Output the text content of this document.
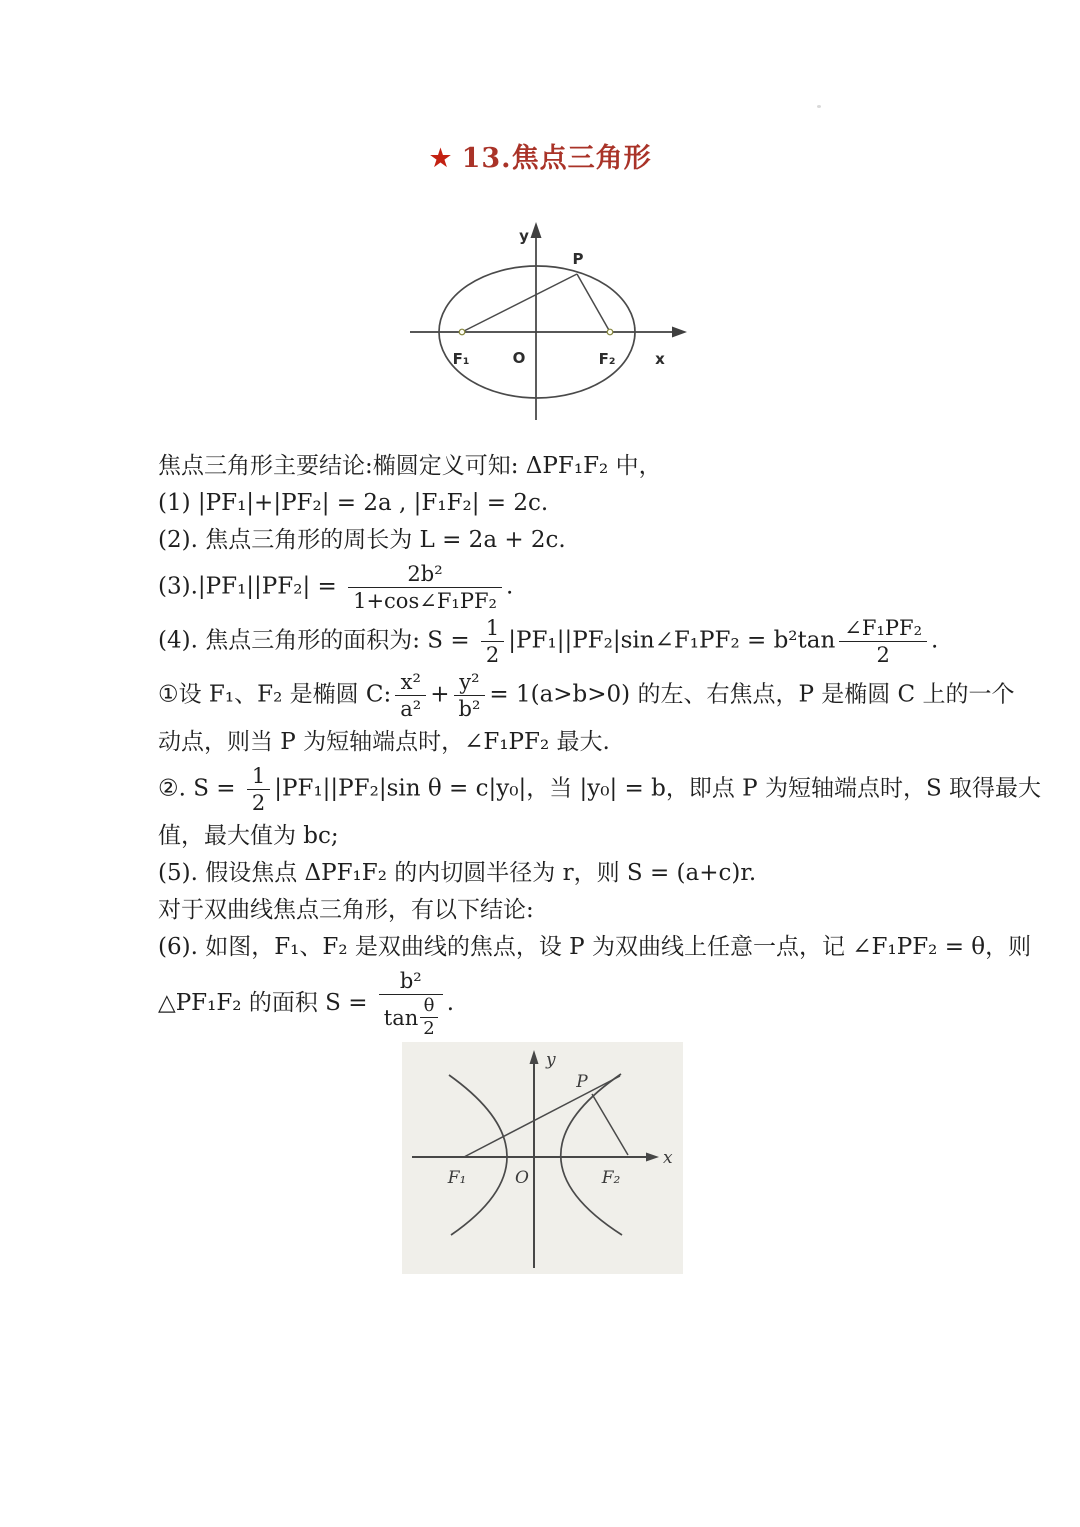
★ 13.焦点三角形
y
P
O
F₁	F₂	x
焦点三角形主要结论:椭圆定义可知: ΔPF₁F₂ 中，
(1) |PF₁|+|PF₂| = 2a , |F₁F₂| = 2c.
(2). 焦点三角形的周长为 L = 2a + 2c.
$(3).|PF_1||PF_2| = \frac{\text{2b²}}{\text{1+cos∠F₁PF₂}}$ .
(4). 焦点三角形的面积为: $S = \frac{1}{2}$ |PF₁||PF₂|sin∠F₁PF₂ = $b^2\tan \frac{\text{∠F₁PF₂}}{2}$ .
①设 F₁、F₂ 是椭圆 C: $\frac{\text{x²}}{\text{a²}} + \frac{\text{y²}}{\text{b²}} = 1(a>b>0)$ 的左、右焦点，P 是椭圆 C 上的一个
动点，则当 P 为短轴端点时，∠F₁PF₂ 最大.
②. $S = \frac{1}{2} |PF_1||PF_2|\sin$ θ = c|y₀|，当 |y₀| = b，即点 P 为短轴端点时，S 取得最大
值，最大值为 bc;
(5). 假设焦点 ΔPF₁F₂ 的内切圆半径为 r，则 S = (a+c)r.
对于双曲线焦点三角形，有以下结论:
(6). 如图，F₁、F₂ 是双曲线的焦点，设 P 为双曲线上任意一点，记 ∠F₁PF₂ = θ，则
△PF₁F₂ 的面积 $S = \frac{\text{b²}}{\tan \frac{\theta}{2}}$ .
y
P
O
F₁	F₂
x
